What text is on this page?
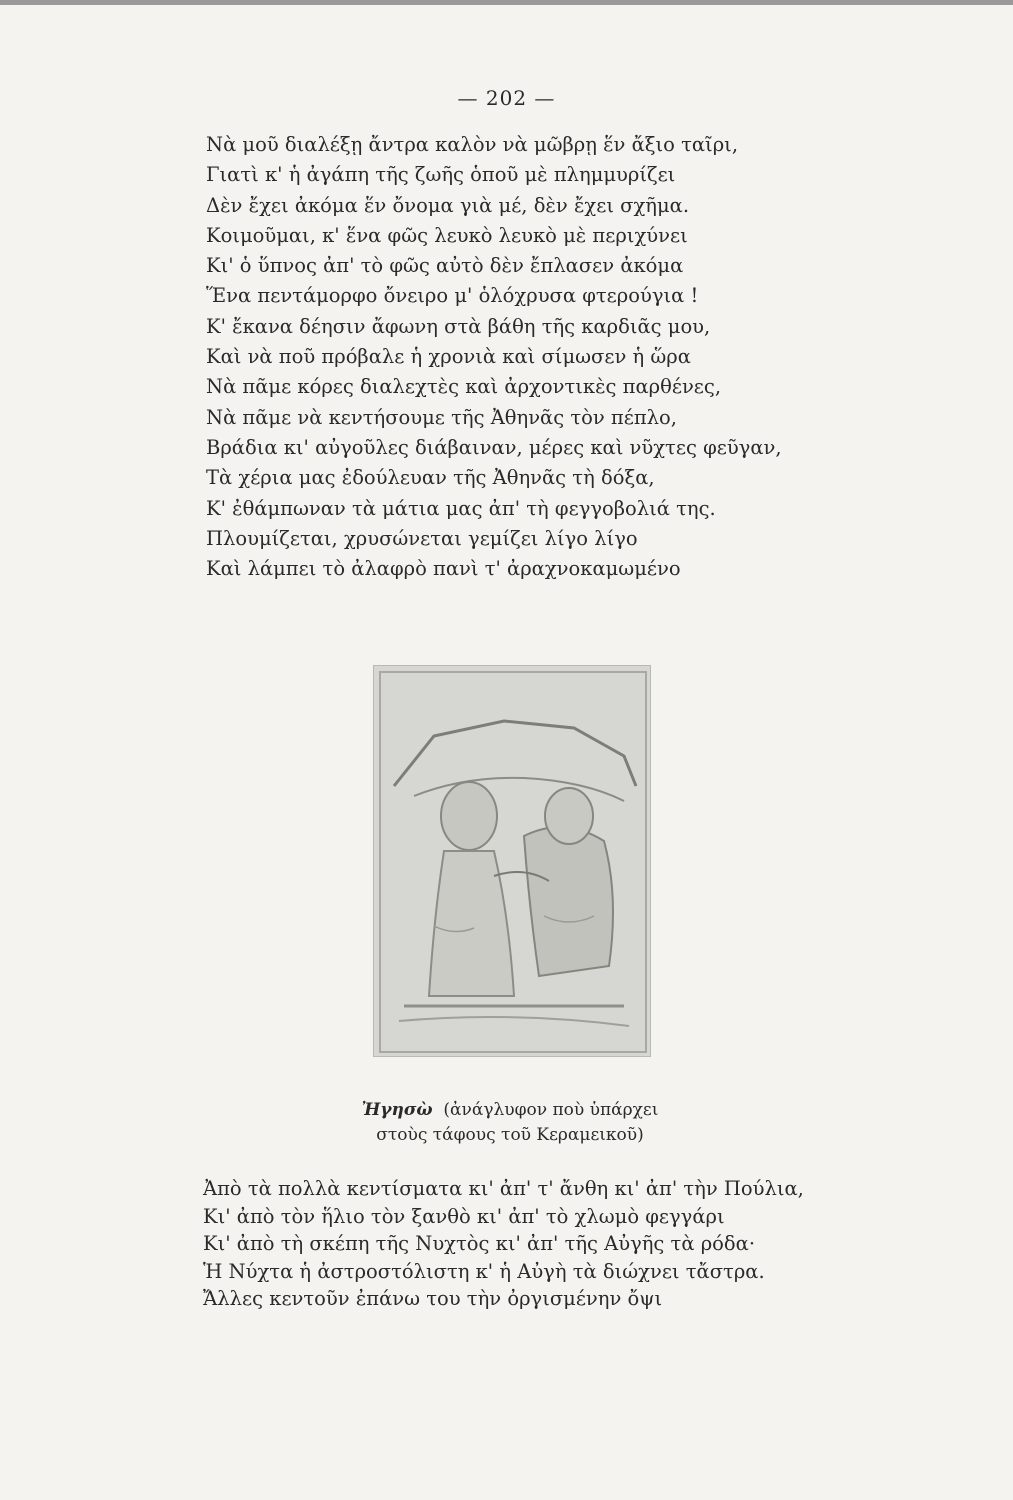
— 202 —
Νὰ μοῦ διαλέξῃ ἄντρα καλὸν νὰ μῶβρῃ ἕν ἄξιο ταῖρι,
Γιατὶ κ' ἡ ἀγάπη τῆς ζωῆς ὁποῦ μὲ πλημμυρίζει
Δὲν ἔχει ἀκόμα ἕν ὄνομα γιὰ μέ, δὲν ἔχει σχῆμα.
Κοιμοῦμαι, κ' ἕνα φῶς λευκὸ λευκὸ μὲ περιχύνει
Κι' ὁ ὕπνος ἀπ' τὸ φῶς αὐτὸ δὲν ἔπλασεν ἀκόμα
Ἕνα πεντάμορφο ὄνειρο μ' ὁλόχρυσα φτερούγια !
Κ' ἔκανα δέησιν ἄφωνη στὰ βάθη τῆς καρδιᾶς μου,
Καὶ νὰ ποῦ πρόβαλε ἡ χρονιὰ καὶ σίμωσεν ἡ ὥρα
Νὰ πᾶμε κόρες διαλεχτὲς καὶ ἀρχοντικὲς παρθένες,
Νὰ πᾶμε νὰ κεντήσουμε τῆς Ἀθηνᾶς τὸν πέπλο,
Βράδια κι' αὐγοῦλες διάβαιναν, μέρες καὶ νῦχτες φεῦγαν,
Τὰ χέρια μας ἐδούλευαν τῆς Ἀθηνᾶς τὴ δόξα,
Κ' ἐθάμπωναν τὰ μάτια μας ἀπ' τὴ φεγγοβολιά της.
Πλουμίζεται, χρυσώνεται γεμίζει λίγο λίγο
Καὶ λάμπει τὸ ἀλαφρὸ πανὶ τ' ἀραχνοκαμωμένο
Ἠγησὼ (ἀνάγλυφον ποὺ ὑπάρχει
στοὺς τάφους τοῦ Κεραμεικοῦ)
Ἀπὸ τὰ πολλὰ κεντίσματα κι' ἀπ' τ' ἄνθη κι' ἀπ' τὴν Πούλια,
Κι' ἀπὸ τὸν ἥλιο τὸν ξανθὸ κι' ἀπ' τὸ χλωμὸ φεγγάρι
Κι' ἀπὸ τὴ σκέπη τῆς Νυχτὸς κι' ἀπ' τῆς Αὐγῆς τὰ ρόδα·
Ἡ Νύχτα ἡ ἀστροστόλιστη κ' ἡ Αὐγὴ τὰ διώχνει τἄστρα.
Ἄλλες κεντοῦν ἐπάνω του τὴν ὀργισμένην ὄψι
